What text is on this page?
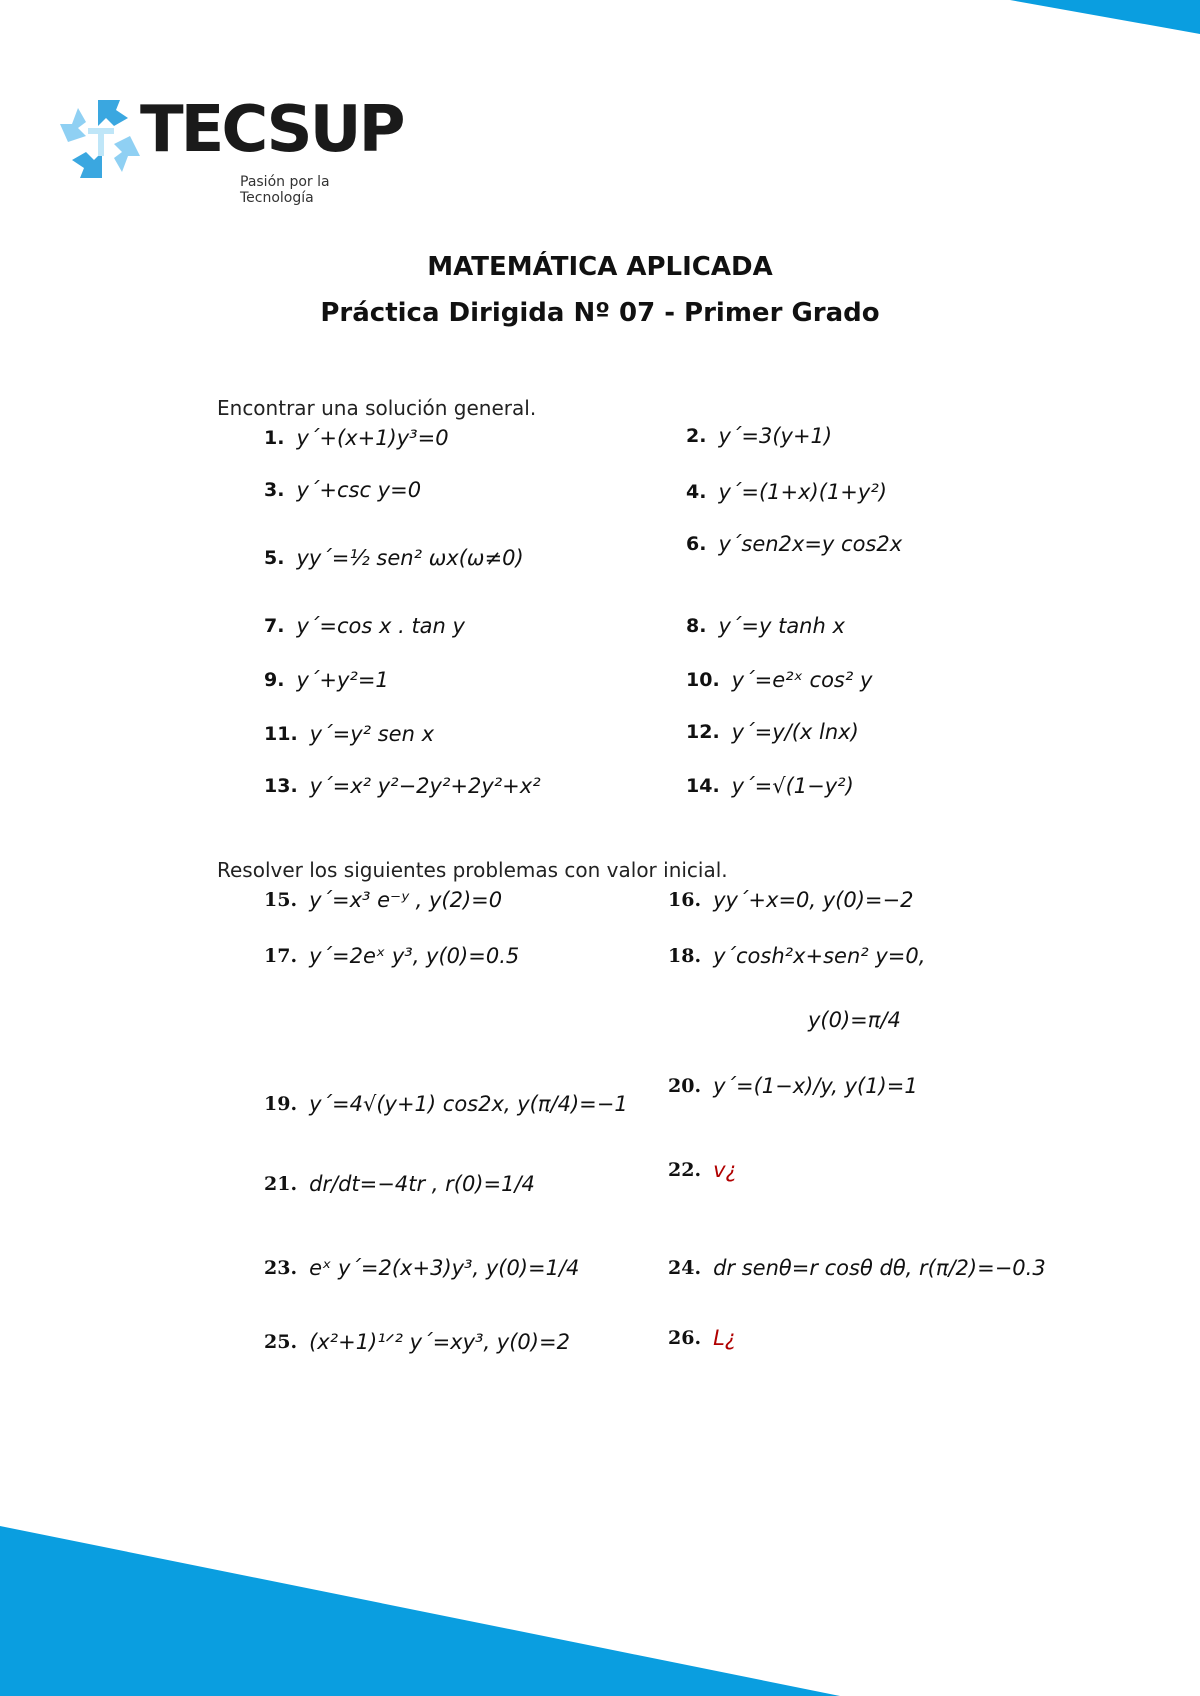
TECSUP
Pasión por la Tecnología
MATEMÁTICA APLICADA
Práctica Dirigida Nº 07 - Primer Grado
Encontrar una solución general.
1. y´+(x+1)y³=0	2. y´=3(y+1)
3. y´+csc y=0	4. y´=(1+x)(1+y²)
5. yy´=½ sen² ωx(ω≠0)
6. y´sen2x=y cos2x
7. y´=cos x . tan y	8. y´=y tanh x
9. y´+y²=1	10. y´=e²ˣ cos² y
11. y´=y² sen x	12. y´=y/(x lnx)
13. y´=x² y²−2y²+2y²+x²	14. y´=√(1−y²)
Resolver los siguientes problemas con valor inicial.
15. y´=x³ e⁻ʸ , y(2)=0	16. yy´+x=0, y(0)=−2
17. y´=2eˣ y³, y(0)=0.5	18. y´cosh²x+sen² y=0,
y(0)=π/4
19. y´=4√(y+1) cos2x, y(π/4)=−1
20. y´=(1−x)/y, y(1)=1
21. dr/dt=−4tr , r(0)=1/4
22. v¿
23. eˣ y´=2(x+3)y³, y(0)=1/4	24. dr senθ=r cosθ dθ, r(π/2)=−0.3
25. (x²+1)¹ᐟ² y´=xy³, y(0)=2	26. L¿
